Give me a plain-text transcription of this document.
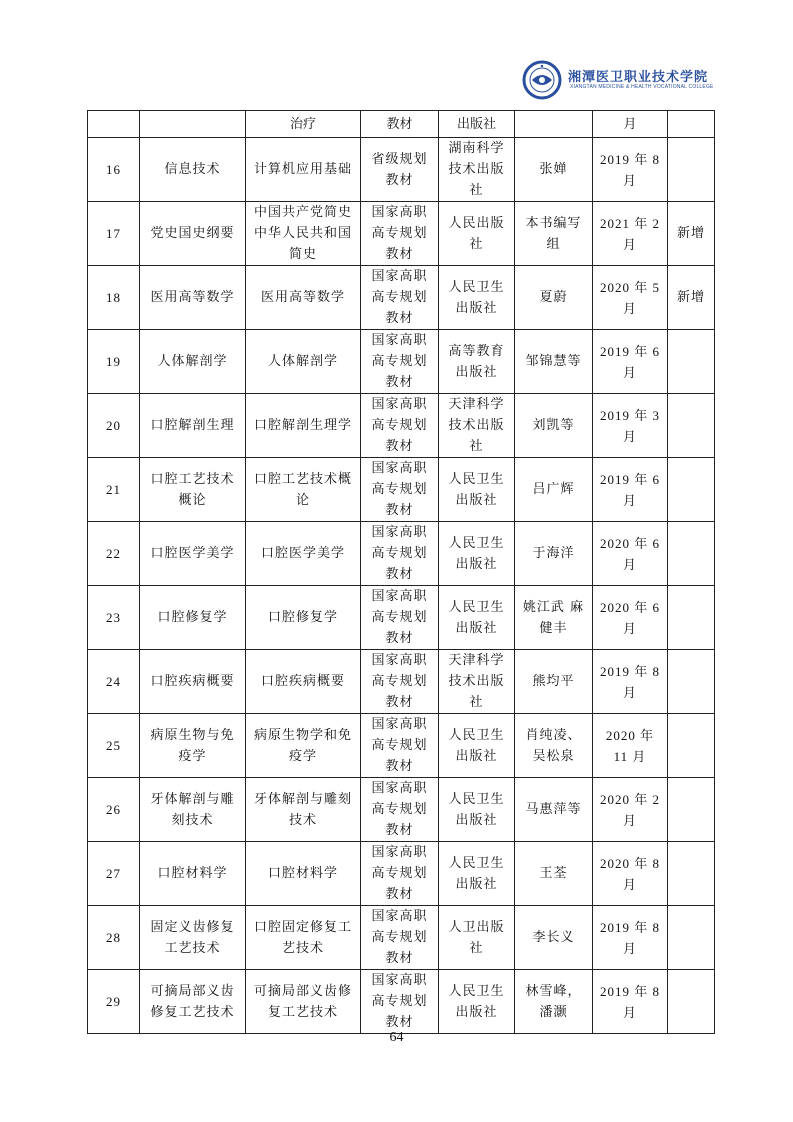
湘潭医卫职业技术学院
XIANGTAN MEDICINE & HEALTH VOCATIONAL COLLEGE
		治疗	教材	出版社		月	

16	信息技术	计算机应用基础	省级规划教材	湖南科学技术出版社	张婵	2019 年 8 月	

17	党史国史纲要	中国共产党简史 中华人民共和国简史	国家高职高专规划教材	人民出版社	本书编写组	2021 年 2 月	新增

18	医用高等数学	医用高等数学	国家高职高专规划教材	人民卫生出版社	夏蔚	2020 年 5 月	新增

19	人体解剖学	人体解剖学	国家高职高专规划教材	高等教育出版社	邹锦慧等	2019 年 6 月	

20	口腔解剖生理	口腔解剖生理学	国家高职高专规划教材	天津科学技术出版社	刘凯等	2019 年 3 月	

21	口腔工艺技术概论	口腔工艺技术概论	国家高职高专规划教材	人民卫生出版社	吕广辉	2019 年 6 月	

22	口腔医学美学	口腔医学美学	国家高职高专规划教材	人民卫生出版社	于海洋	2020 年 6 月	

23	口腔修复学	口腔修复学	国家高职高专规划教材	人民卫生出版社	姚江武 麻健丰	2020 年 6 月	

24	口腔疾病概要	口腔疾病概要	国家高职高专规划教材	天津科学技术出版社	熊均平	2019 年 8 月	

25	病原生物与免疫学	病原生物学和免疫学	国家高职高专规划教材	人民卫生出版社	肖纯凌、吴松泉	2020 年 11 月	

26	牙体解剖与雕刻技术	牙体解剖与雕刻技术	国家高职高专规划教材	人民卫生出版社	马惠萍等	2020 年 2 月	

27	口腔材料学	口腔材料学	国家高职高专规划教材	人民卫生出版社	王荃	2020 年 8 月	

28	固定义齿修复工艺技术	口腔固定修复工艺技术	国家高职高专规划教材	人卫出版社	李长义	2019 年 8 月	

29	可摘局部义齿修复工艺技术	可摘局部义齿修复工艺技术	国家高职高专规划教材	人民卫生出版社	林雪峰，潘灏	2019 年 8 月	

64
